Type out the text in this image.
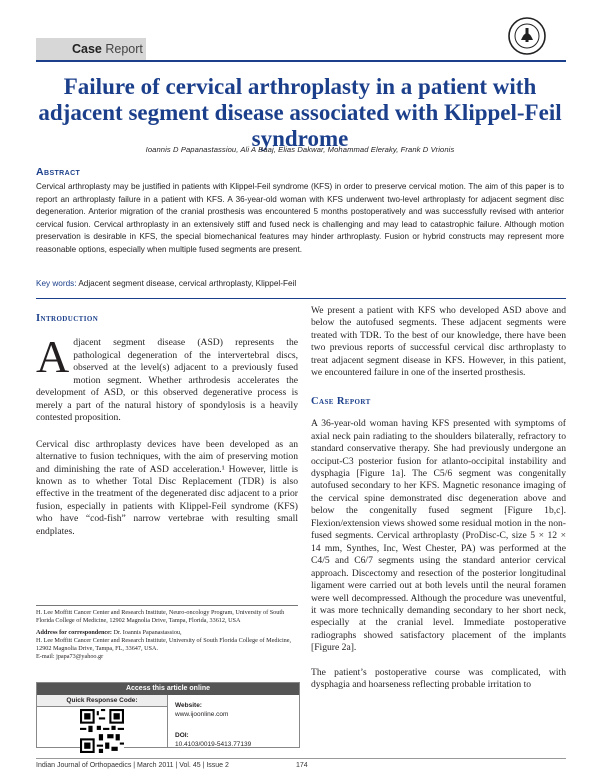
Case Report
Failure of cervical arthroplasty in a patient with adjacent segment disease associated with Klippel-Feil syndrome
Ioannis D Papanastassiou, Ali A Baaj, Elias Dakwar, Mohammad Eleraky, Frank D Vrionis
Abstract
Cervical arthroplasty may be justified in patients with Klippel-Feil syndrome (KFS) in order to preserve cervical motion. The aim of this paper is to report an arthroplasty failure in a patient with KFS. A 36-year-old woman with KFS underwent two-level arthroplasty for adjacent segment disc degeneration. Anterior migration of the cranial prosthesis was encountered 5 months postoperatively and was successfully revised with anterior cervical fusion. Cervical arthroplasty in an extensively stiff and fused neck is challenging and may lead to catastrophic failure. Although motion preservation is desirable in KFS, the special biomechanical features may hinder arthroplasty. Fusion or hybrid constructs may represent more reasonable options, especially when multiple fused segments are present.
Key words: Adjacent segment disease, cervical arthroplasty, Klippel-Feil
Introduction

Adjacent segment disease (ASD) represents the pathological degeneration of the intervertebral discs, observed at the level(s) adjacent to a previously fused motion segment. Whether arthrodesis accelerates the development of ASD, or this observed degenerative process is merely a part of the natural history of spondylosis is a heavily contested proposition.

Cervical disc arthroplasty devices have been developed as an alternative to fusion techniques, with the aim of preserving motion and diminishing the rate of ASD acceleration.¹ However, little is known as to whether Total Disc Replacement (TDR) is also effective in the treatment of the degenerated disc adjacent to a prior fusion, especially in patients with Klippel-Feil syndrome (KFS) who have “cod-fish” narrow vertebrae with resulting small endplates.

H. Lee Moffitt Cancer Center and Research Institute, Neuro-oncology Program, University of South Florida College of Medicine, 12902 Magnolia Drive, Tampa, Florida, 33612, USA

Address for correspondence: Dr. Ioannis Papanastassiou,

H. Lee Moffitt Cancer Center and Research Institute, University of South Florida College of Medicine, 12902 Magnolia Drive, Tampa, FL, 33647, USA.

E-mail: jpapa73@yahoo.gr

Access this article online
Quick Response Code:
Website:
www.ijoonline.com
DOI:
10.4103/0019-5413.77139

We present a patient with KFS who developed ASD above and below the autofused segments. These adjacent segments were treated with TDR. To the best of our knowledge, there have been two previous reports of successful cervical disc arthroplasty to treat adjacent segment disease in KFS. However, in this patient, we encountered failure in one of the inserted prosthesis.

Case Report

A 36-year-old woman having KFS presented with symptoms of axial neck pain radiating to the shoulders bilaterally, refractory to standard conservative therapy. She had previously undergone an occiput-C3 posterior fusion for atlanto-occipital instability and dysphagia [Figure 1a]. The C5/6 segment was congenitally autofused secondary to her KFS. Magnetic resonance imaging of the cervical spine demonstrated disc degeneration above and below the congenitally fused segment [Figure 1b,c]. Flexion/extension views showed some residual motion in the non-fused segments. Cervical arthroplasty (ProDisc-C, size 5 × 12 × 14 mm, Synthes, Inc, West Chester, PA) was performed at the C4/5 and C6/7 segments using the standard anterior cervical approach. Discectomy and resection of the posterior longitudinal ligament were carried out at both levels until the neural foramen were well decompressed. Although the procedure was uneventful, it was more technically demanding secondary to her short neck, especially at the cranial level. Immediate postoperative radiographs showed satisfactory placement of the implants [Figure 2a].

The patient’s postoperative course was complicated, with dysphagia and hoarseness reflecting probable irritation to

Indian Journal of Orthopaedics | March 2011 | Vol. 45 | Issue 2	174
